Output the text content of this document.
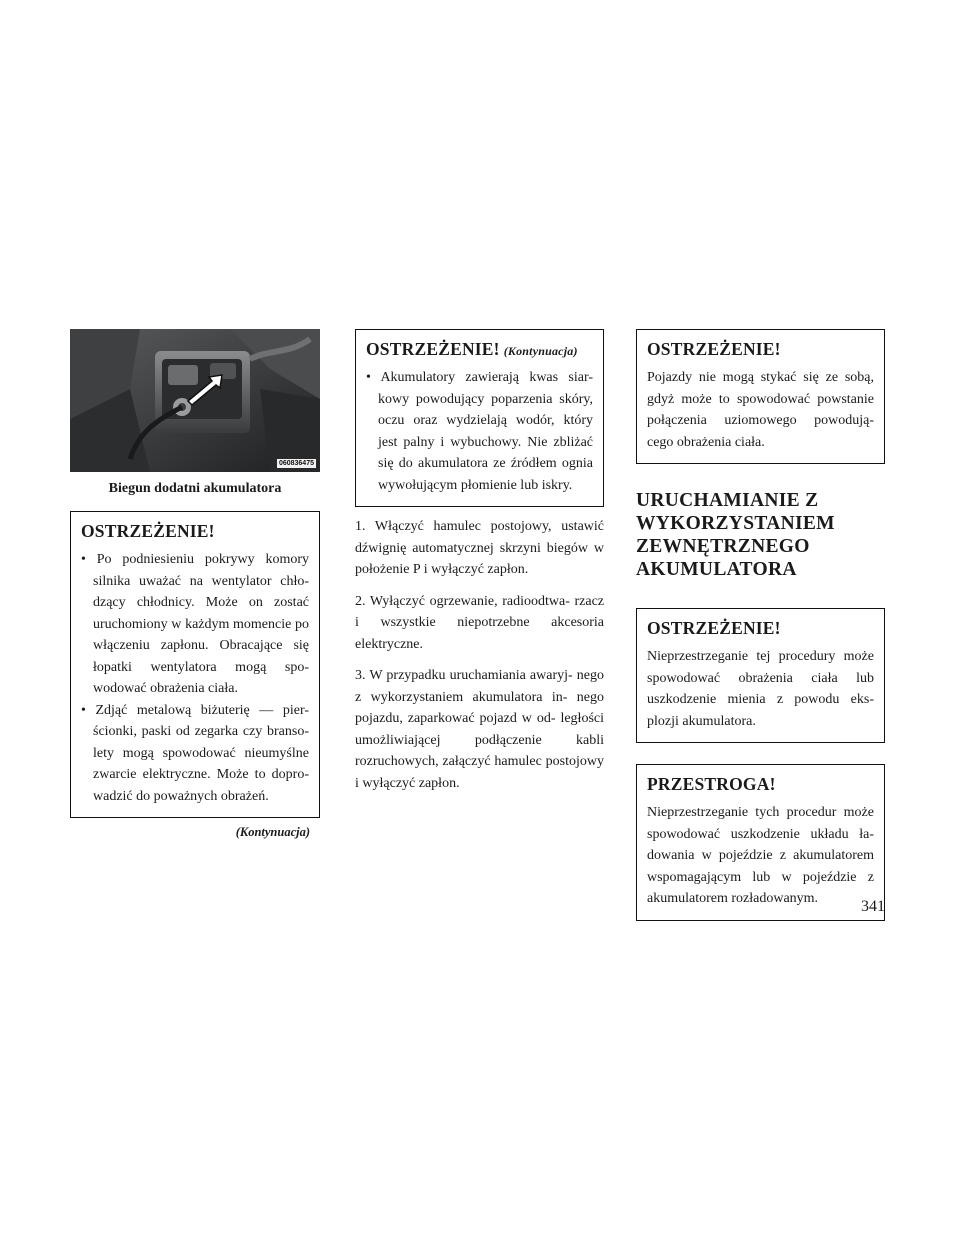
060836475
Biegun dodatni akumulatora
OSTRZEŻENIE!
• Po podniesieniu pokrywy komory silnika uważać na wentylator chło- dzący chłodnicy. Może on zostać uruchomiony w każdym momencie po włączeniu zapłonu. Obracające się łopatki wentylatora mogą spo- wodować obrażenia ciała.
• Zdjąć metalową biżuterię — pier- ścionki, paski od zegarka czy branso- lety mogą spowodować nieumyślne zwarcie elektryczne. Może to dopro- wadzić do poważnych obrażeń.
(Kontynuacja)
OSTRZEŻENIE! (Kontynuacja)
• Akumulatory zawierają kwas siar- kowy powodujący poparzenia skóry, oczu oraz wydzielają wodór, który jest palny i wybuchowy. Nie zbliżać się do akumulatora ze źródłem ognia wywołującym płomienie lub iskry.

1. Włączyć hamulec postojowy, ustawić dźwignię automatycznej skrzyni biegów w położenie P i wyłączyć zapłon.

2. Wyłączyć ogrzewanie, radioodtwa- rzacz i wszystkie niepotrzebne akcesoria elektryczne.

3. W przypadku uruchamiania awaryj- nego z wykorzystaniem akumulatora in- nego pojazdu, zaparkować pojazd w od- ległości umożliwiającej podłączenie kabli rozruchowych, załączyć hamulec postojowy i wyłączyć zapłon.

OSTRZEŻENIE!
Pojazdy nie mogą stykać się ze sobą, gdyż może to spowodować powstanie połączenia uziomowego powodują- cego obrażenia ciała.
URUCHAMIANIE Z
WYKORZYSTANIEM
ZEWNĘTRZNEGO
AKUMULATORA
OSTRZEŻENIE!
Nieprzestrzeganie tej procedury może spowodować obrażenia ciała lub uszkodzenie mienia z powodu eks- plozji akumulatora.
PRZESTROGA!
Nieprzestrzeganie tych procedur może spowodować uszkodzenie układu ła- dowania w pojeździe z akumulatorem wspomagającym lub w pojeździe z akumulatorem rozładowanym.	341
